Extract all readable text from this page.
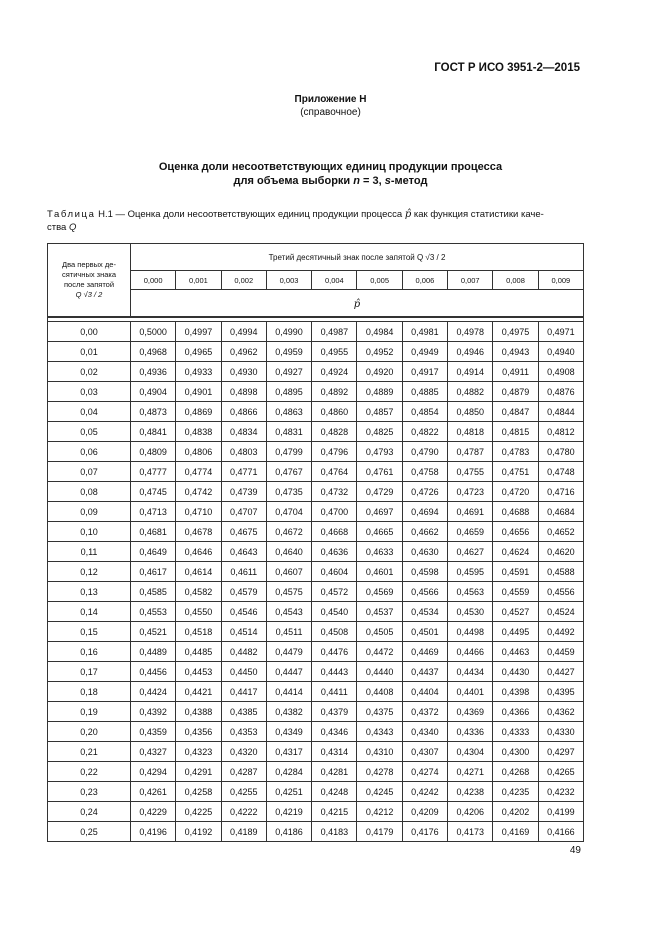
ГОСТ Р ИСО 3951-2—2015
Приложение Н
(справочное)
Оценка доли несоответствующих единиц продукции процесса
для объема выборки n = 3, s-метод
Таблица Н.1 — Оценка доли несоответствующих единиц продукции процесса p̂ как функция статистики каче-
ства Q
Два первых де-
сятичных знака
после запятой
Q √3 / 2	Третий десятичный знак после запятой Q √3 / 2									
	0,000	0,001	0,002	0,003	0,004	0,005	0,006	0,007	0,008	0,009
	p̂									

0,00	0,5000	0,4997	0,4994	0,4990	0,4987	0,4984	0,4981	0,4978	0,4975	0,4971
0,01	0,4968	0,4965	0,4962	0,4959	0,4955	0,4952	0,4949	0,4946	0,4943	0,4940
0,02	0,4936	0,4933	0,4930	0,4927	0,4924	0,4920	0,4917	0,4914	0,4911	0,4908
0,03	0,4904	0,4901	0,4898	0,4895	0,4892	0,4889	0,4885	0,4882	0,4879	0,4876
0,04	0,4873	0,4869	0,4866	0,4863	0,4860	0,4857	0,4854	0,4850	0,4847	0,4844
0,05	0,4841	0,4838	0,4834	0,4831	0,4828	0,4825	0,4822	0,4818	0,4815	0,4812
0,06	0,4809	0,4806	0,4803	0,4799	0,4796	0,4793	0,4790	0,4787	0,4783	0,4780
0,07	0,4777	0,4774	0,4771	0,4767	0,4764	0,4761	0,4758	0,4755	0,4751	0,4748
0,08	0,4745	0,4742	0,4739	0,4735	0,4732	0,4729	0,4726	0,4723	0,4720	0,4716
0,09	0,4713	0,4710	0,4707	0,4704	0,4700	0,4697	0,4694	0,4691	0,4688	0,4684
0,10	0,4681	0,4678	0,4675	0,4672	0,4668	0,4665	0,4662	0,4659	0,4656	0,4652
0,11	0,4649	0,4646	0,4643	0,4640	0,4636	0,4633	0,4630	0,4627	0,4624	0,4620
0,12	0,4617	0,4614	0,4611	0,4607	0,4604	0,4601	0,4598	0,4595	0,4591	0,4588
0,13	0,4585	0,4582	0,4579	0,4575	0,4572	0,4569	0,4566	0,4563	0,4559	0,4556
0,14	0,4553	0,4550	0,4546	0,4543	0,4540	0,4537	0,4534	0,4530	0,4527	0,4524
0,15	0,4521	0,4518	0,4514	0,4511	0,4508	0,4505	0,4501	0,4498	0,4495	0,4492
0,16	0,4489	0,4485	0,4482	0,4479	0,4476	0,4472	0,4469	0,4466	0,4463	0,4459
0,17	0,4456	0,4453	0,4450	0,4447	0,4443	0,4440	0,4437	0,4434	0,4430	0,4427
0,18	0,4424	0,4421	0,4417	0,4414	0,4411	0,4408	0,4404	0,4401	0,4398	0,4395
0,19	0,4392	0,4388	0,4385	0,4382	0,4379	0,4375	0,4372	0,4369	0,4366	0,4362
0,20	0,4359	0,4356	0,4353	0,4349	0,4346	0,4343	0,4340	0,4336	0,4333	0,4330
0,21	0,4327	0,4323	0,4320	0,4317	0,4314	0,4310	0,4307	0,4304	0,4300	0,4297
0,22	0,4294	0,4291	0,4287	0,4284	0,4281	0,4278	0,4274	0,4271	0,4268	0,4265
0,23	0,4261	0,4258	0,4255	0,4251	0,4248	0,4245	0,4242	0,4238	0,4235	0,4232
0,24	0,4229	0,4225	0,4222	0,4219	0,4215	0,4212	0,4209	0,4206	0,4202	0,4199
0,25	0,4196	0,4192	0,4189	0,4186	0,4183	0,4179	0,4176	0,4173	0,4169	0,4166
49
